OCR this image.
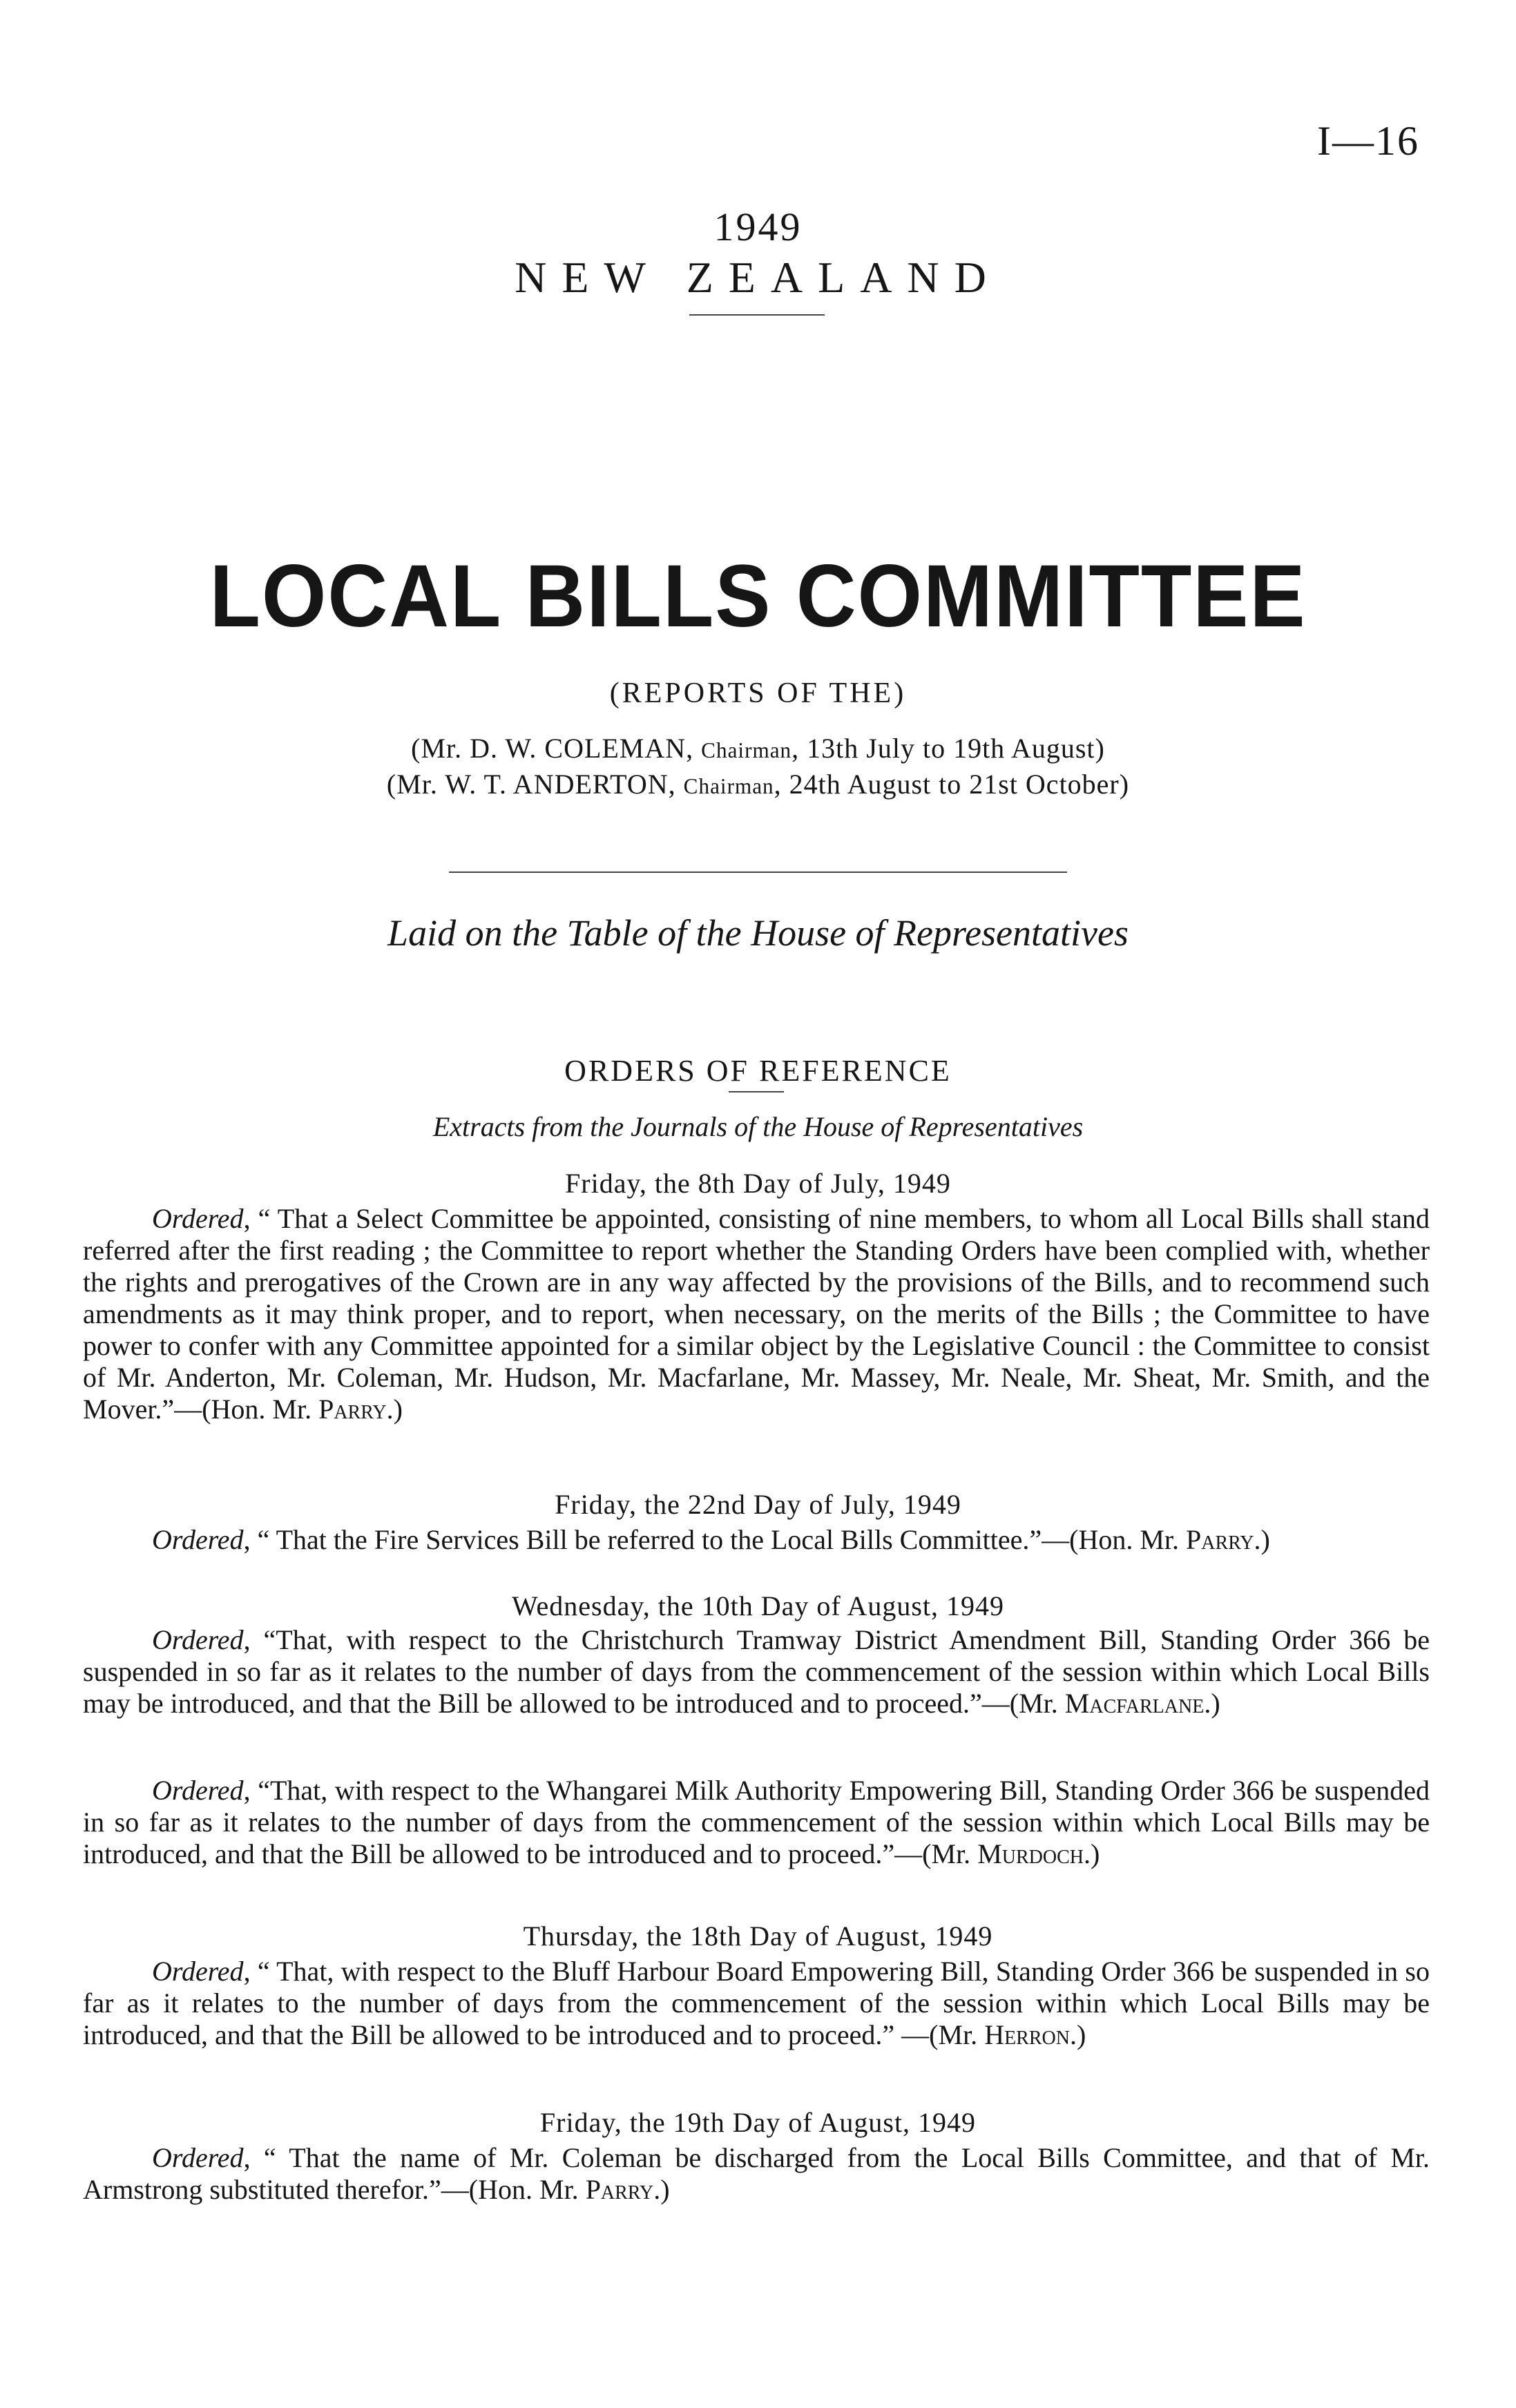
I—16
1949
NEW ZEALAND
LOCAL BILLS COMMITTEE
(REPORTS OF THE)
(Mr. D. W. COLEMAN, Chairman, 13th July to 19th August)
(Mr. W. T. ANDERTON, Chairman, 24th August to 21st October)
Laid on the Table of the House of Representatives
ORDERS OF REFERENCE
Extracts from the Journals of the House of Representatives
Friday, the 8th Day of July, 1949
Ordered, “ That a Select Committee be appointed, consisting of nine members, to whom all Local Bills shall stand referred after the first reading ; the Committee to report whether the Standing Orders have been complied with, whether the rights and prerogatives of the Crown are in any way affected by the provisions of the Bills, and to recommend such amendments as it may think proper, and to report, when necessary, on the merits of the Bills ; the Committee to have power to confer with any Committee appointed for a similar object by the Legislative Council : the Committee to consist of Mr. Anderton, Mr. Coleman, Mr. Hudson, Mr. Macfarlane, Mr. Massey, Mr. Neale, Mr. Sheat, Mr. Smith, and the Mover.”—(Hon. Mr. Parry.)
Friday, the 22nd Day of July, 1949
Ordered, “ That the Fire Services Bill be referred to the Local Bills Committee.”—(Hon. Mr. Parry.)
Wednesday, the 10th Day of August, 1949
Ordered, “That, with respect to the Christchurch Tramway District Amendment Bill, Standing Order 366 be suspended in so far as it relates to the number of days from the commencement of the session within which Local Bills may be introduced, and that the Bill be allowed to be introduced and to proceed.”—(Mr. Macfarlane.)
Ordered, “That, with respect to the Whangarei Milk Authority Empowering Bill, Standing Order 366 be suspended in so far as it relates to the number of days from the commencement of the session within which Local Bills may be introduced, and that the Bill be allowed to be introduced and to proceed.”—(Mr. Murdoch.)
Thursday, the 18th Day of August, 1949
Ordered, “ That, with respect to the Bluff Harbour Board Empowering Bill, Standing Order 366 be suspended in so far as it relates to the number of days from the commencement of the session within which Local Bills may be introduced, and that the Bill be allowed to be introduced and to proceed.” —(Mr. Herron.)
Friday, the 19th Day of August, 1949
Ordered, “ That the name of Mr. Coleman be discharged from the Local Bills Committee, and that of Mr. Armstrong substituted therefor.”—(Hon. Mr. Parry.)
